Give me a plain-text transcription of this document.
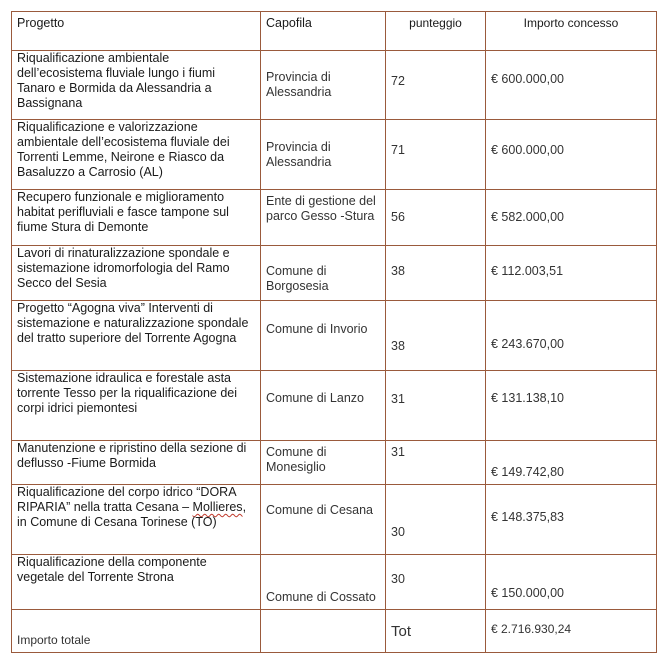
Progetto	Capofila	punteggio	Importo concesso
Riqualificazione ambientale dell’ecosistema fluviale lungo i fiumi Tanaro e Bormida da Alessandria a Bassignana	Provincia di Alessandria	72	€ 600.000,00
Riqualificazione e valorizzazione ambientale dell’ecosistema fluviale dei Torrenti Lemme, Neirone e Riasco da Basaluzzo a Carrosio (AL)	Provincia di Alessandria	71	€ 600.000,00
Recupero funzionale e miglioramento habitat perifluviali e fasce tampone sul fiume Stura di Demonte	Ente di gestione del parco Gesso -Stura	56	€ 582.000,00
Lavori di rinaturalizzazione spondale e sistemazione idromorfologia del Ramo Secco del Sesia	Comune di Borgosesia	38	€ 112.003,51
Progetto “Agogna viva” Interventi di sistemazione e naturalizzazione spondale del tratto superiore del Torrente Agogna	Comune di Invorio	38	€ 243.670,00
Sistemazione idraulica e forestale asta torrente Tesso per la riqualificazione dei corpi idrici piemontesi	Comune di Lanzo	31	€ 131.138,10
Manutenzione e ripristino della sezione di deflusso -Fiume Bormida	Comune di Monesiglio	31	€ 149.742,80
Riqualificazione del corpo idrico “DORA RIPARIA” nella tratta Cesana – Mollieres, in Comune di Cesana Torinese (TO)	Comune di Cesana	30	€ 148.375,83
Riqualificazione della componente vegetale del Torrente Strona	Comune di Cossato	30	€ 150.000,00
Importo totale		Tot	€ 2.716.930,24
